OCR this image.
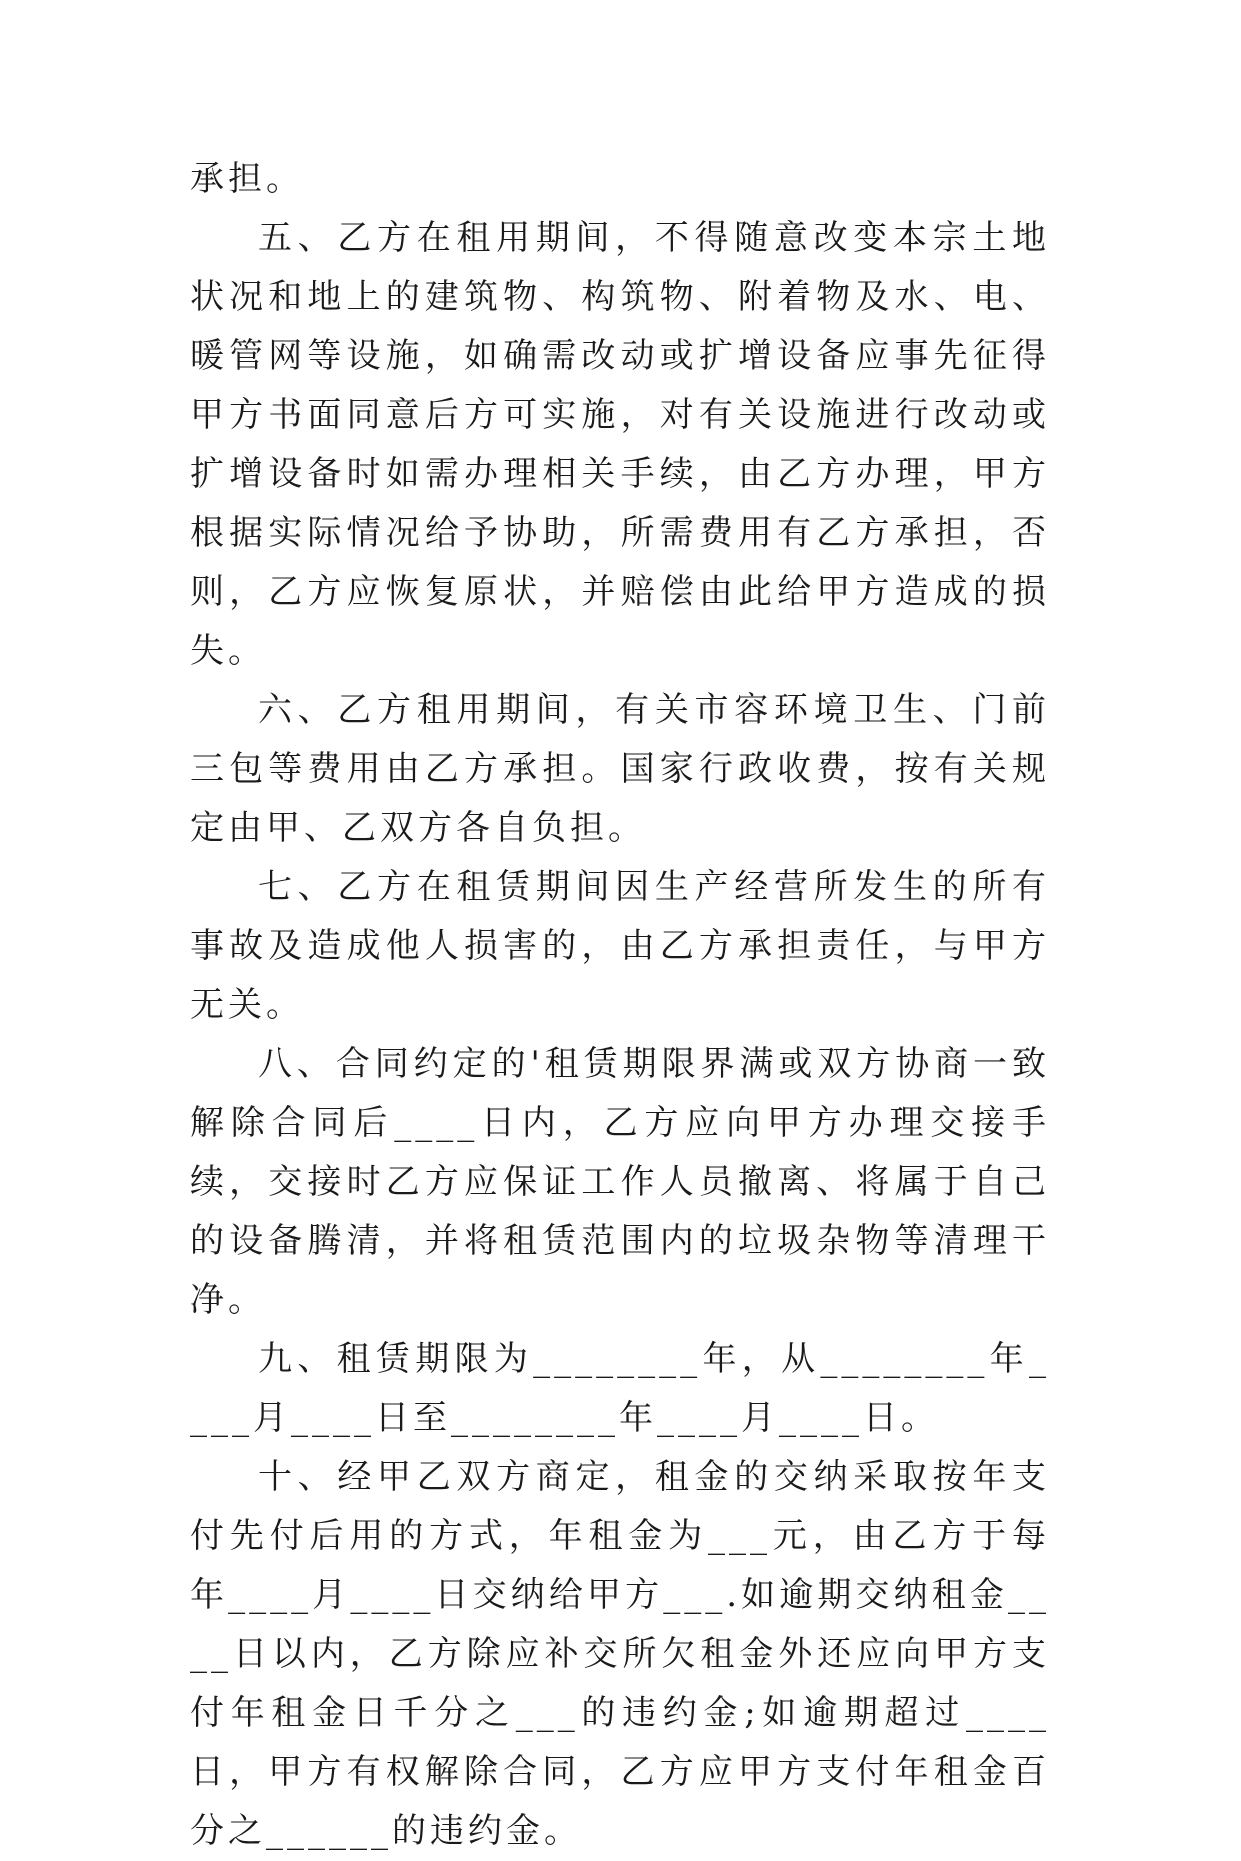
承担。

五、乙方在租用期间，不得随意改变本宗土地状况和地上的建筑物、构筑物、附着物及水、电、暖管网等设施，如确需改动或扩增设备应事先征得甲方书面同意后方可实施，对有关设施进行改动或扩增设备时如需办理相关手续，由乙方办理，甲方根据实际情况给予协助，所需费用有乙方承担，否则，乙方应恢复原状，并赔偿由此给甲方造成的损失。

六、乙方租用期间，有关市容环境卫生、门前三包等费用由乙方承担。国家行政收费，按有关规定由甲、乙双方各自负担。

七、乙方在租赁期间因生产经营所发生的所有事故及造成他人损害的，由乙方承担责任，与甲方无关。

八、合同约定的'租赁期限界满或双方协商一致解除合同后____日内，乙方应向甲方办理交接手续，交接时乙方应保证工作人员撤离、将属于自己的设备腾清，并将租赁范围内的垃圾杂物等清理干净。

九、租赁期限为________年，从________年____月____日至________年____月____日。

十、经甲乙双方商定，租金的交纳采取按年支付先付后用的方式，年租金为___元，由乙方于每年____月____日交纳给甲方___.如逾期交纳租金____日以内，乙方除应补交所欠租金外还应向甲方支付年租金日千分之___的违约金;如逾期超过____日，甲方有权解除合同，乙方应甲方支付年租金百分之______的违约金。
